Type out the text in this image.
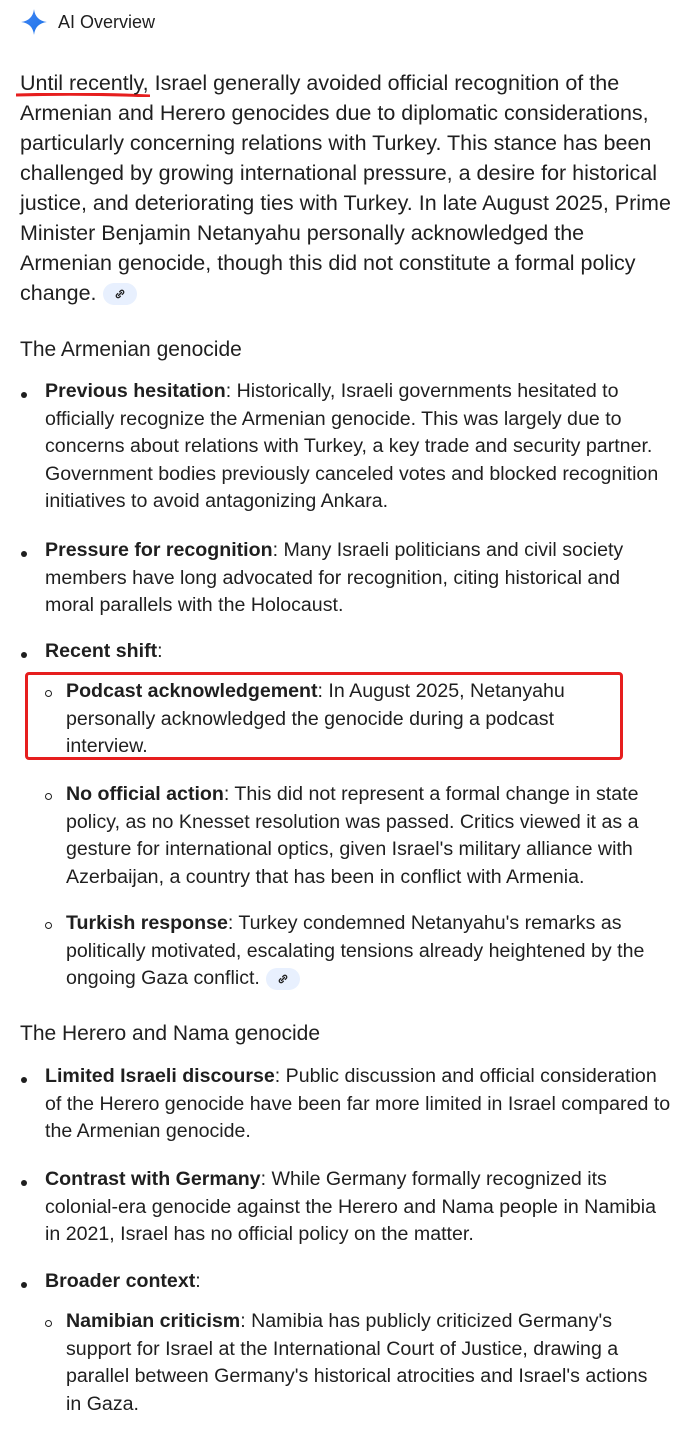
AI Overview
Until recently, Israel generally avoided official recognition of the Armenian and Herero genocides due to diplomatic considerations, particularly concerning relations with Turkey. This stance has been challenged by growing international pressure, a desire for historical justice, and deteriorating ties with Turkey. In late August 2025, Prime Minister Benjamin Netanyahu personally acknowledged the Armenian genocide, though this did not constitute a formal policy change.
The Armenian genocide
Previous hesitation: Historically, Israeli governments hesitated to officially recognize the Armenian genocide. This was largely due to concerns about relations with Turkey, a key trade and security partner. Government bodies previously canceled votes and blocked recognition initiatives to avoid antagonizing Ankara.
Pressure for recognition: Many Israeli politicians and civil society members have long advocated for recognition, citing historical and moral parallels with the Holocaust.
Recent shift:
Podcast acknowledgement: In August 2025, Netanyahu personally acknowledged the genocide during a podcast interview.
No official action: This did not represent a formal change in state policy, as no Knesset resolution was passed. Critics viewed it as a gesture for international optics, given Israel's military alliance with Azerbaijan, a country that has been in conflict with Armenia.
Turkish response: Turkey condemned Netanyahu's remarks as politically motivated, escalating tensions already heightened by the ongoing Gaza conflict.
The Herero and Nama genocide
Limited Israeli discourse: Public discussion and official consideration of the Herero genocide have been far more limited in Israel compared to the Armenian genocide.
Contrast with Germany: While Germany formally recognized its colonial-era genocide against the Herero and Nama people in Namibia in 2021, Israel has no official policy on the matter.
Broader context:
Namibian criticism: Namibia has publicly criticized Germany's support for Israel at the International Court of Justice, drawing a parallel between Germany's historical atrocities and Israel's actions in Gaza.
